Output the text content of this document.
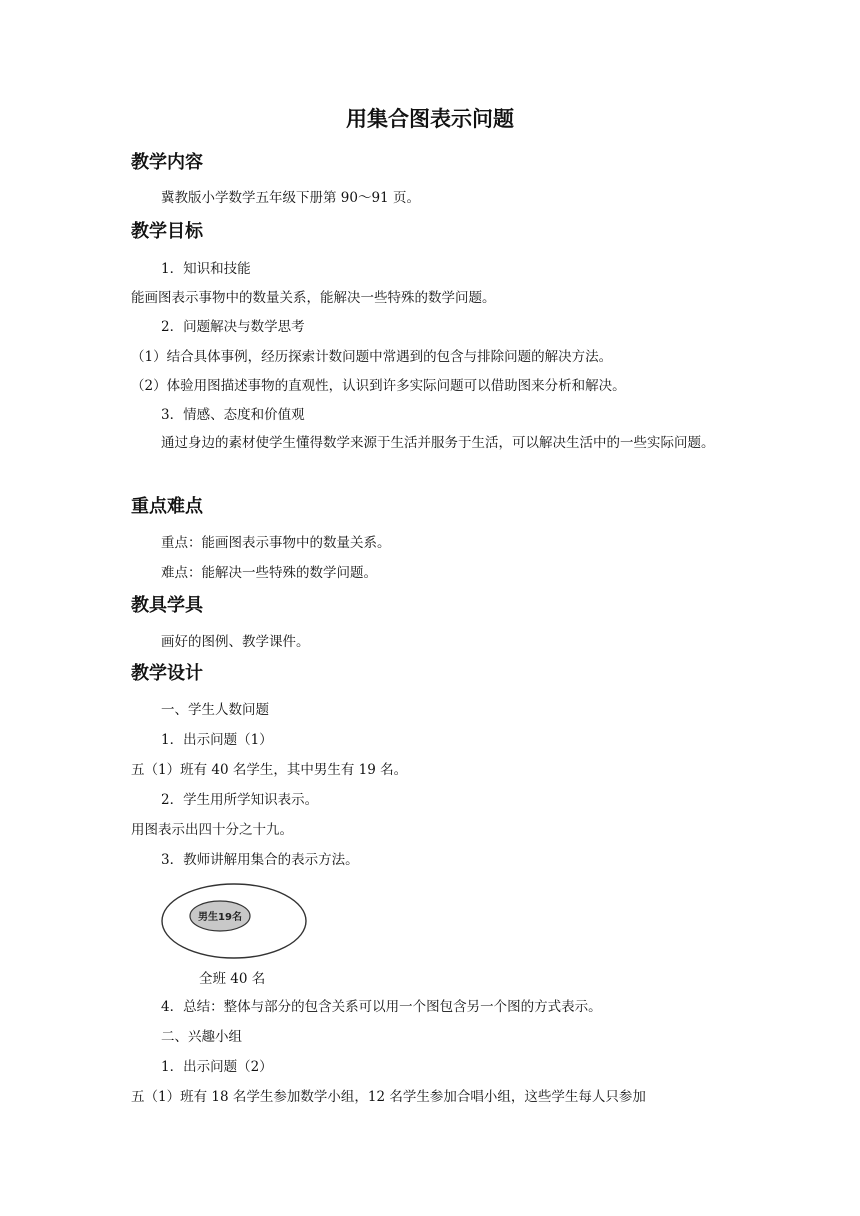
用集合图表示问题
教学内容

冀教版小学数学五年级下册第 90～91 页。

教学目标

1．知识和技能

能画图表示事物中的数量关系，能解决一些特殊的数学问题。

2．问题解决与数学思考

（1）结合具体事例，经历探索计数问题中常遇到的包含与排除问题的解决方法。

（2）体验用图描述事物的直观性，认识到许多实际问题可以借助图来分析和解决。

3．情感、态度和价值观

通过身边的素材使学生懂得数学来源于生活并服务于生活，可以解决生活中的一些实际问题。

重点难点

重点：能画图表示事物中的数量关系。

难点：能解决一些特殊的数学问题。

教具学具

画好的图例、教学课件。

教学设计

一、学生人数问题

1．出示问题（1）

五（1）班有 40 名学生，其中男生有 19 名。

2．学生用所学知识表示。

用图表示出四十分之十九。

3．教师讲解用集合的表示方法。

男生19名

全班 40 名

4．总结：整体与部分的包含关系可以用一个图包含另一个图的方式表示。

二、兴趣小组

1．出示问题（2）

五（1）班有 18 名学生参加数学小组，12 名学生参加合唱小组，这些学生每人只参加
